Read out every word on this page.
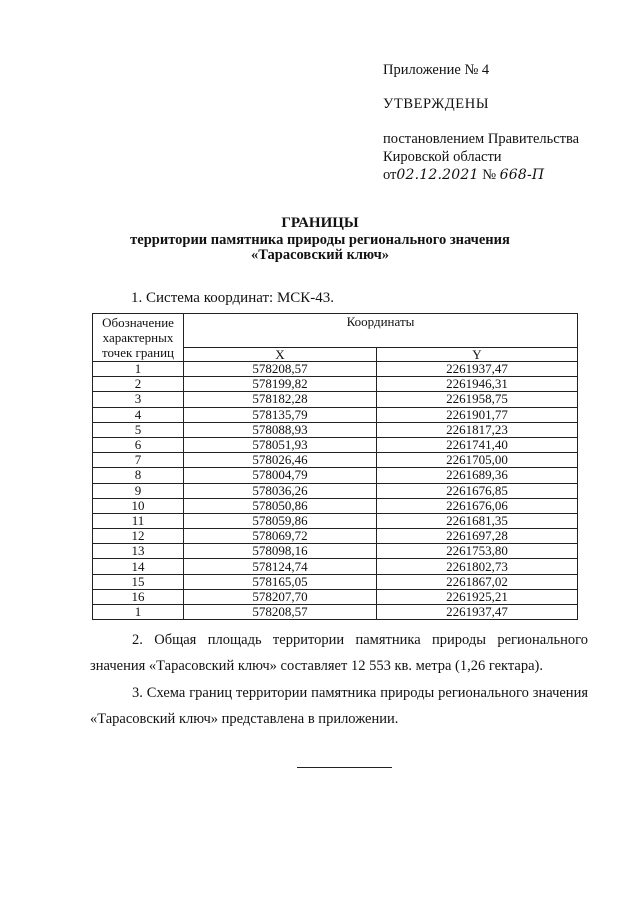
Приложение № 4
УТВЕРЖДЕНЫ
постановлением Правительства
Кировской области
от02.12.2021 № 668-П
ГРАНИЦЫ
территории памятника природы регионального значения
«Тарасовский ключ»
1. Система координат: МСК-43.
Обозначение характерных точек границ	Координаты	
	X	Y
1	578208,57	2261937,47
2	578199,82	2261946,31
3	578182,28	2261958,75
4	578135,79	2261901,77
5	578088,93	2261817,23
6	578051,93	2261741,40
7	578026,46	2261705,00
8	578004,79	2261689,36
9	578036,26	2261676,85
10	578050,86	2261676,06
11	578059,86	2261681,35
12	578069,72	2261697,28
13	578098,16	2261753,80
14	578124,74	2261802,73
15	578165,05	2261867,02
16	578207,70	2261925,21
1	578208,57	2261937,47
2. Общая площадь территории памятника природы регионального значения «Тарасовский ключ» составляет 12 553 кв. метра (1,26 гектара).
3. Схема границ территории памятника природы регионального значения «Тарасовский ключ» представлена в приложении.
